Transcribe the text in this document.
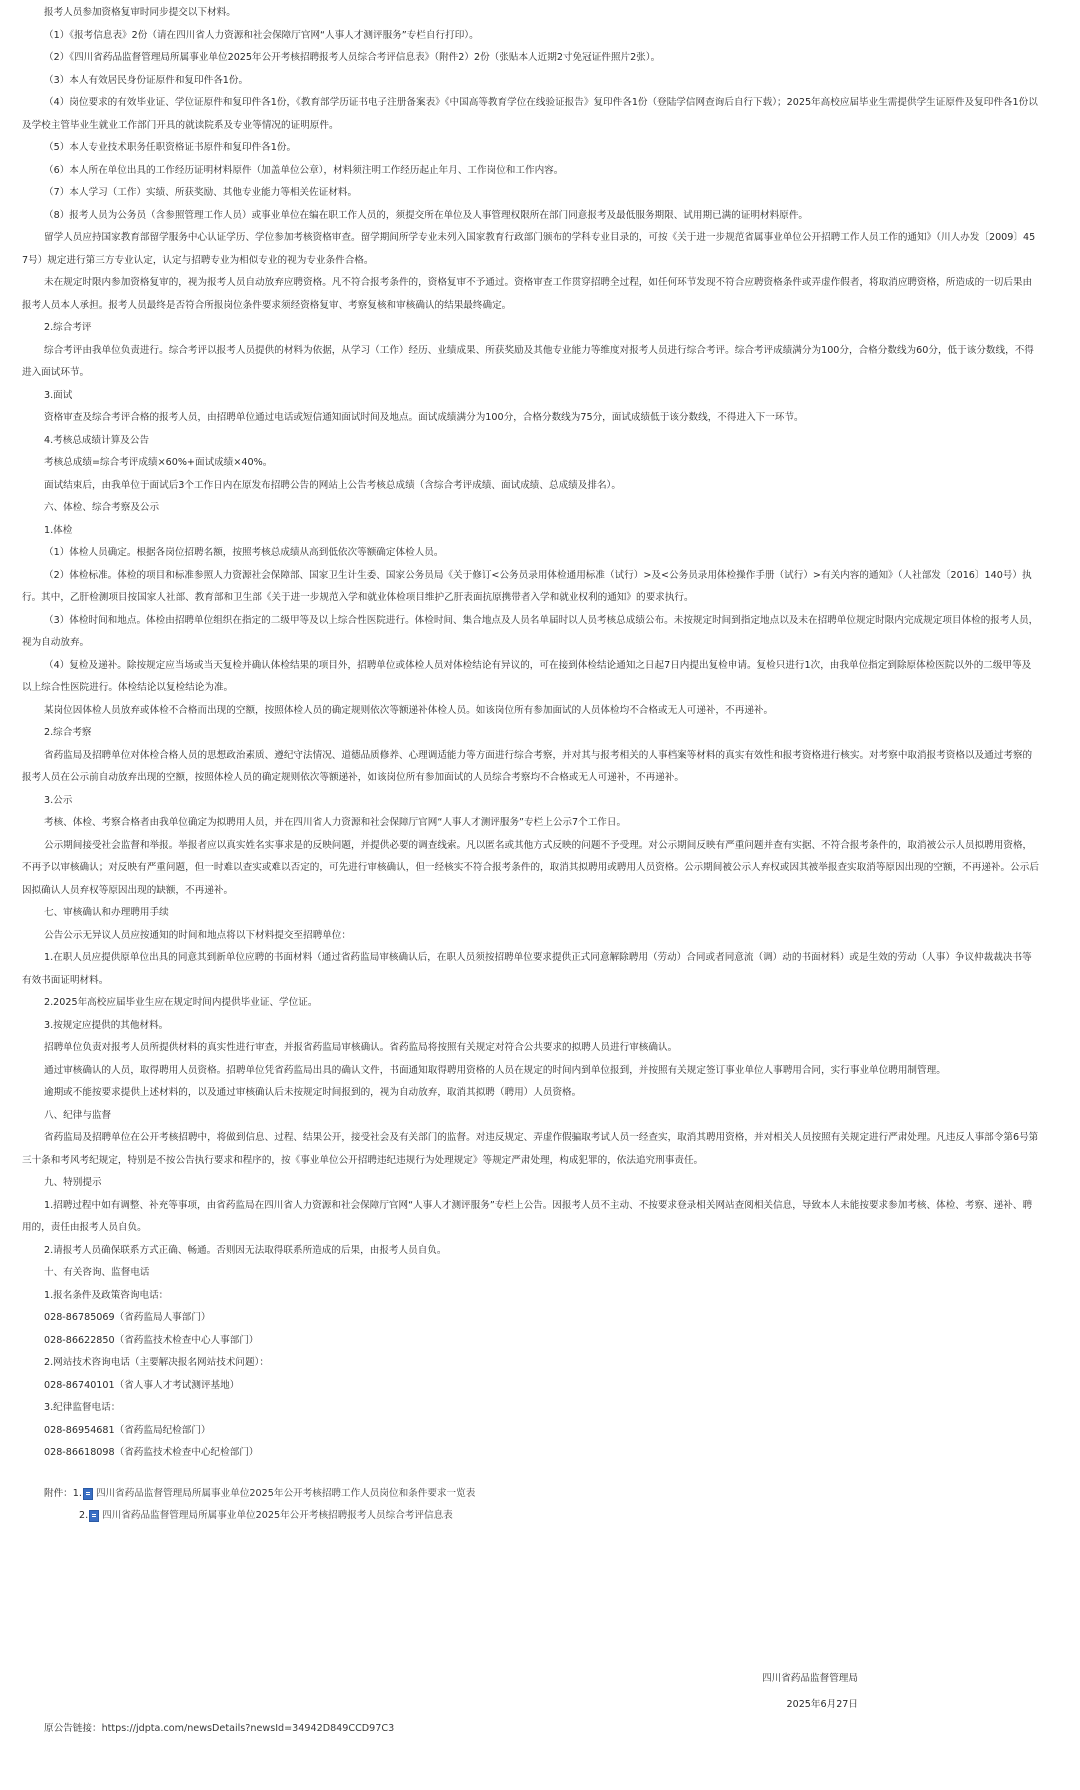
报考人员参加资格复审时同步提交以下材料。

（1）《报考信息表》2份（请在四川省人力资源和社会保障厅官网“人事人才测评服务”专栏自行打印）。

（2）《四川省药品监督管理局所属事业单位2025年公开考核招聘报考人员综合考评信息表》（附件2）2份（张贴本人近期2寸免冠证件照片2张）。

（3）本人有效居民身份证原件和复印件各1份。

（4）岗位要求的有效毕业证、学位证原件和复印件各1份，《教育部学历证书电子注册备案表》《中国高等教育学位在线验证报告》复印件各1份（登陆学信网查询后自行下载）；2025年高校应届毕业生需提供学生证原件及复印件各1份以及学校主管毕业生就业工作部门开具的就读院系及专业等情况的证明原件。

（5）本人专业技术职务任职资格证书原件和复印件各1份。

（6）本人所在单位出具的工作经历证明材料原件（加盖单位公章），材料须注明工作经历起止年月、工作岗位和工作内容。

（7）本人学习（工作）实绩、所获奖励、其他专业能力等相关佐证材料。

（8）报考人员为公务员（含参照管理工作人员）或事业单位在编在职工作人员的，须提交所在单位及人事管理权限所在部门同意报考及最低服务期限、试用期已满的证明材料原件。

留学人员应持国家教育部留学服务中心认证学历、学位参加考核资格审查。留学期间所学专业未列入国家教育行政部门颁布的学科专业目录的，可按《关于进一步规范省属事业单位公开招聘工作人员工作的通知》（川人办发〔2009〕457号）规定进行第三方专业认定，认定与招聘专业为相似专业的视为专业条件合格。

未在规定时限内参加资格复审的，视为报考人员自动放弃应聘资格。凡不符合报考条件的，资格复审不予通过。资格审查工作贯穿招聘全过程，如任何环节发现不符合应聘资格条件或弄虚作假者，将取消应聘资格，所造成的一切后果由报考人员本人承担。报考人员最终是否符合所报岗位条件要求须经资格复审、考察复核和审核确认的结果最终确定。

2.综合考评

综合考评由我单位负责进行。综合考评以报考人员提供的材料为依据，从学习（工作）经历、业绩成果、所获奖励及其他专业能力等维度对报考人员进行综合考评。综合考评成绩满分为100分，合格分数线为60分，低于该分数线，不得进入面试环节。

3.面试

资格审查及综合考评合格的报考人员，由招聘单位通过电话或短信通知面试时间及地点。面试成绩满分为100分，合格分数线为75分，面试成绩低于该分数线，不得进入下一环节。

4.考核总成绩计算及公告

考核总成绩=综合考评成绩×60%+面试成绩×40%。

面试结束后，由我单位于面试后3个工作日内在原发布招聘公告的网站上公告考核总成绩（含综合考评成绩、面试成绩、总成绩及排名）。

六、体检、综合考察及公示

1.体检

（1）体检人员确定。根据各岗位招聘名额，按照考核总成绩从高到低依次等额确定体检人员。

（2）体检标准。体检的项目和标准参照人力资源社会保障部、国家卫生计生委、国家公务员局《关于修订<公务员录用体检通用标准（试行）>及<公务员录用体检操作手册（试行）>有关内容的通知》（人社部发〔2016〕140号）执行。其中，乙肝检测项目按国家人社部、教育部和卫生部《关于进一步规范入学和就业体检项目维护乙肝表面抗原携带者入学和就业权利的通知》的要求执行。

（3）体检时间和地点。体检由招聘单位组织在指定的二级甲等及以上综合性医院进行。体检时间、集合地点及人员名单届时以人员考核总成绩公布。未按规定时间到指定地点以及未在招聘单位规定时限内完成规定项目体检的报考人员，视为自动放弃。

（4）复检及递补。除按规定应当场或当天复检并确认体检结果的项目外，招聘单位或体检人员对体检结论有异议的，可在接到体检结论通知之日起7日内提出复检申请。复检只进行1次，由我单位指定到除原体检医院以外的二级甲等及以上综合性医院进行。体检结论以复检结论为准。

某岗位因体检人员放弃或体检不合格而出现的空额，按照体检人员的确定规则依次等额递补体检人员。如该岗位所有参加面试的人员体检均不合格或无人可递补，不再递补。

2.综合考察

省药监局及招聘单位对体检合格人员的思想政治素质、遵纪守法情况、道德品质修养、心理调适能力等方面进行综合考察，并对其与报考相关的人事档案等材料的真实有效性和报考资格进行核实。对考察中取消报考资格以及通过考察的报考人员在公示前自动放弃出现的空额，按照体检人员的确定规则依次等额递补，如该岗位所有参加面试的人员综合考察均不合格或无人可递补，不再递补。

3.公示

考核、体检、考察合格者由我单位确定为拟聘用人员，并在四川省人力资源和社会保障厅官网“人事人才测评服务”专栏上公示7个工作日。

公示期间接受社会监督和举报。举报者应以真实姓名实事求是的反映问题，并提供必要的调查线索。凡以匿名或其他方式反映的问题不予受理。对公示期间反映有严重问题并查有实据、不符合报考条件的，取消被公示人员拟聘用资格，不再予以审核确认；对反映有严重问题，但一时难以查实或难以否定的，可先进行审核确认，但一经核实不符合报考条件的，取消其拟聘用或聘用人员资格。公示期间被公示人弃权或因其被举报查实取消等原因出现的空额，不再递补。公示后因拟确认人员弃权等原因出现的缺额，不再递补。

七、审核确认和办理聘用手续

公告公示无异议人员应按通知的时间和地点将以下材料提交至招聘单位：

1.在职人员应提供原单位出具的同意其到新单位应聘的书面材料（通过省药监局审核确认后，在职人员须按招聘单位要求提供正式同意解除聘用（劳动）合同或者同意流（调）动的书面材料）或是生效的劳动（人事）争议仲裁裁决书等有效书面证明材料。

2.2025年高校应届毕业生应在规定时间内提供毕业证、学位证。

3.按规定应提供的其他材料。

招聘单位负责对报考人员所提供材料的真实性进行审查，并报省药监局审核确认。省药监局将按照有关规定对符合公共要求的拟聘人员进行审核确认。

通过审核确认的人员，取得聘用人员资格。招聘单位凭省药监局出具的确认文件，书面通知取得聘用资格的人员在规定的时间内到单位报到，并按照有关规定签订事业单位人事聘用合同，实行事业单位聘用制管理。

逾期或不能按要求提供上述材料的，以及通过审核确认后未按规定时间报到的，视为自动放弃，取消其拟聘（聘用）人员资格。

八、纪律与监督

省药监局及招聘单位在公开考核招聘中，将做到信息、过程、结果公开，接受社会及有关部门的监督。对违反规定、弄虚作假骗取考试人员一经查实，取消其聘用资格，并对相关人员按照有关规定进行严肃处理。凡违反人事部令第6号第三十条和考风考纪规定，特别是不按公告执行要求和程序的，按《事业单位公开招聘违纪违规行为处理规定》等规定严肃处理，构成犯罪的，依法追究刑事责任。

九、特别提示

1.招聘过程中如有调整、补充等事项，由省药监局在四川省人力资源和社会保障厅官网“人事人才测评服务”专栏上公告。因报考人员不主动、不按要求登录相关网站查阅相关信息，导致本人未能按要求参加考核、体检、考察、递补、聘用的，责任由报考人员自负。

2.请报考人员确保联系方式正确、畅通。否则因无法取得联系所造成的后果，由报考人员自负。

十、有关咨询、监督电话

1.报名条件及政策咨询电话：

028-86785069（省药监局人事部门）

028-86622850（省药监技术检查中心人事部门）

2.网站技术咨询电话（主要解决报名网站技术问题）：

028-86740101（省人事人才考试测评基地）

3.纪律监督电话：

028-86954681（省药监局纪检部门）

028-86618098（省药监技术检查中心纪检部门）

附件： 1. 四川省药品监督管理局所属事业单位2025年公开考核招聘工作人员岗位和条件要求一览表
2. 四川省药品监督管理局所属事业单位2025年公开考核招聘报考人员综合考评信息表
四川省药品监督管理局
2025年6月27日
原公告链接：https://jdpta.com/newsDetails?newsId=34942D849CCD97C3
